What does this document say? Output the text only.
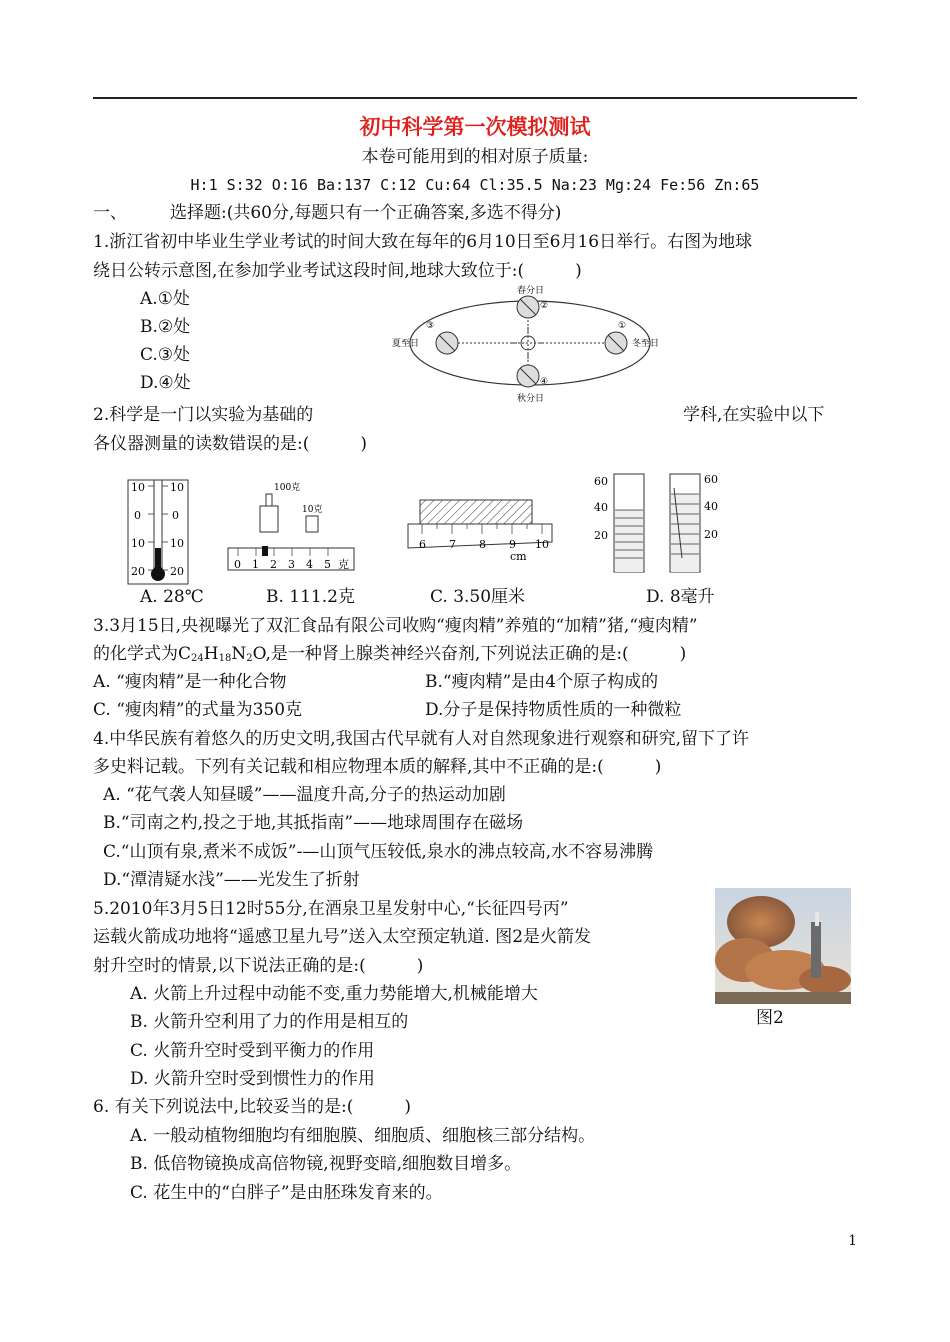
初中科学第一次模拟测试
本卷可能用到的相对原子质量:
H:1 S:32 O:16 Ba:137 C:12 Cu:64 Cl:35.5 Na:23 Mg:24 Fe:56 Zn:65
一、	选择题:(共60分,每题只有一个正确答案,多选不得分)
1.浙江省初中毕业生学业考试的时间大致在每年的6月10日至6月16日举行。右图为地球
绕日公转示意图,在参加学业考试这段时间,地球大致位于:(　　　)
A.①处
B.②处
C.③处
D.④处
春分日
夏至日
秋分日
冬至日
①
②
③
④
2.科学是一门以实验为基础的	学科,在实验中以下
各仪器测量的读数错误的是:(　　　)
10 10
0	0
10 10
20 20
100克
10克
0 1 2 3 4 5 克
6 7 8 9 10
cm
60
40
20
60
40
20
A. 28℃	B. 111.2克	C. 3.50厘米	D. 8毫升
3.3月15日,央视曝光了双汇食品有限公司收购“瘦肉精”养殖的“加精”猪,“瘦肉精”
的化学式为$C_{24}H_{18}N_2O$,是一种肾上腺类神经兴奋剂,下列说法正确的是:(　　　)
A. “瘦肉精”是一种化合物	B.“瘦肉精”是由4个原子构成的
C. “瘦肉精”的式量为350克	D.分子是保持物质性质的一种微粒
4.中华民族有着悠久的历史文明,我国古代早就有人对自然现象进行观察和研究,留下了许
多史料记载。下列有关记载和相应物理本质的解释,其中不正确的是:(　　　)
A. “花气袭人知昼暖”——温度升高,分子的热运动加剧
B.“司南之杓,投之于地,其抵指南”——地球周围存在磁场
C.“山顶有泉,煮米不成饭”-—山顶气压较低,泉水的沸点较高,水不容易沸腾
D.“潭清疑水浅”——光发生了折射
5.2010年3月5日12时55分,在酒泉卫星发射中心,“长征四号丙”
运载火箭成功地将“遥感卫星九号”送入太空预定轨道. 图2是火箭发
射升空时的情景,以下说法正确的是:(　　　)
A. 火箭上升过程中动能不变,重力势能增大,机械能增大
B. 火箭升空利用了力的作用是相互的
C. 火箭升空时受到平衡力的作用
D. 火箭升空时受到惯性力的作用
图2
6. 有关下列说法中,比较妥当的是:(　　　)
A. 一般动植物细胞均有细胞膜、细胞质、细胞核三部分结构。
B. 低倍物镜换成高倍物镜,视野变暗,细胞数目增多。
C. 花生中的“白胖子”是由胚珠发育来的。
1
